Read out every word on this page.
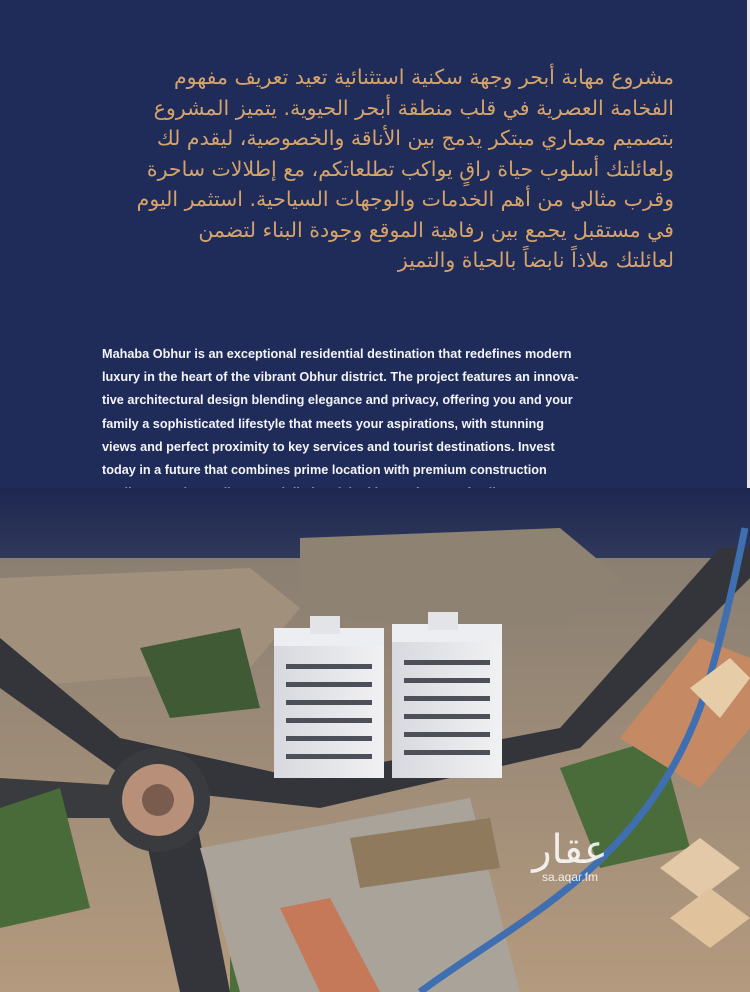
مشروع مهابة أبحر وجهة سكنية استثنائية تعيد تعريف مفهوم
الفخامة العصرية في قلب منطقة أبحر الحيوية. يتميز المشروع
بتصميم معماري مبتكر يدمج بين الأناقة والخصوصية، ليقدم لك
ولعائلتك أسلوب حياة راقٍ يواكب تطلعاتكم، مع إطلالات ساحرة
وقرب مثالي من أهم الخدمات والوجهات السياحية. استثمر اليوم
في مستقبل يجمع بين رفاهية الموقع وجودة البناء لتضمن
لعائلتك ملاذاً نابضاً بالحياة والتميز
Mahaba Obhur is an exceptional residential destination that redefines modern
luxury in the heart of the vibrant Obhur district. The project features an innova-
tive architectural design blending elegance and privacy, offering you and your
family a sophisticated lifestyle that meets your aspirations, with stunning
views and perfect proximity to key services and tourist destinations. Invest
today in a future that combines prime location with premium construction
عقار
sa.aqar.fm
